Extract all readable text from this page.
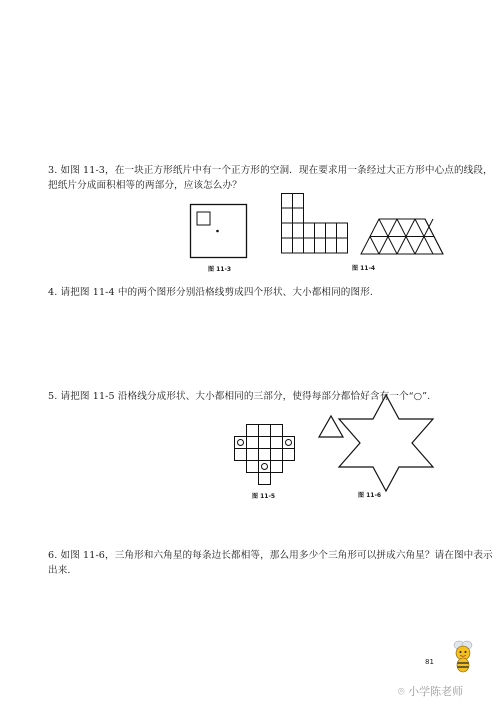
3. 如图 11-3，在一块正方形纸片中有一个正方形的空洞．现在要求用一条经过大正方形中心点的线段，
把纸片分成面积相等的两部分，应该怎么办？
图 11-3	图 11-4
4. 请把图 11-4 中的两个图形分别沿格线剪成四个形状、大小都相同的图形.
5. 请把图 11-5 沿格线分成形状、大小都相同的三部分，使得每部分都恰好含有一个“○”.
图 11-5	图 11-6
6. 如图 11-6，三角形和六角星的每条边长都相等，那么用多少个三角形可以拼成六角星？请在图中表示
出来.
81
⌾ 小学陈老师
